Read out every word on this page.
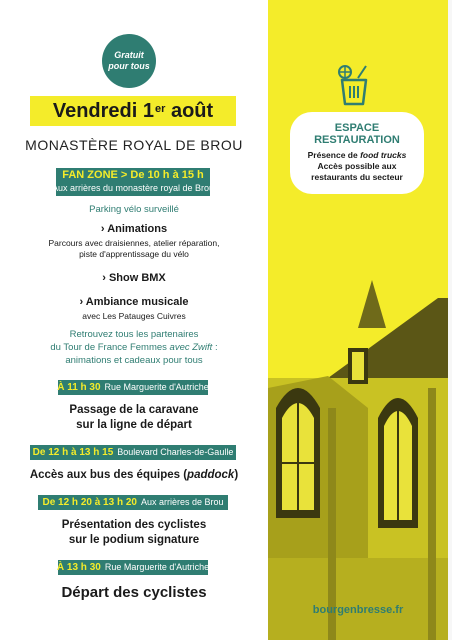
Gratuit
pour tous
Vendredi 1er août
MONASTÈRE ROYAL DE BROU
FAN ZONE > De 10 h à 15 h
Aux arrières du monastère royal de Brou
Parking vélo surveillé
› Animations
Parcours avec draisiennes, atelier réparation,
piste d'apprentissage du vélo
› Show BMX
› Ambiance musicale
avec Les Patauges Cuivres
Retrouvez tous les partenaires
du Tour de France Femmes avec Zwift :
animations et cadeaux pour tous
À 11 h 30 Rue Marguerite d'Autriche
Passage de la caravane
sur la ligne de départ
De 12 h à 13 h 15 Boulevard Charles-de-Gaulle
Accès aux bus des équipes (paddock)
De 12 h 20 à 13 h 20 Aux arrières de Brou
Présentation des cyclistes
sur le podium signature
À 13 h 30 Rue Marguerite d'Autriche
Départ des cyclistes
ESPACE
RESTAURATION
Présence de food trucks
Accès possible aux
restaurants du secteur
bourgenbresse.fr
